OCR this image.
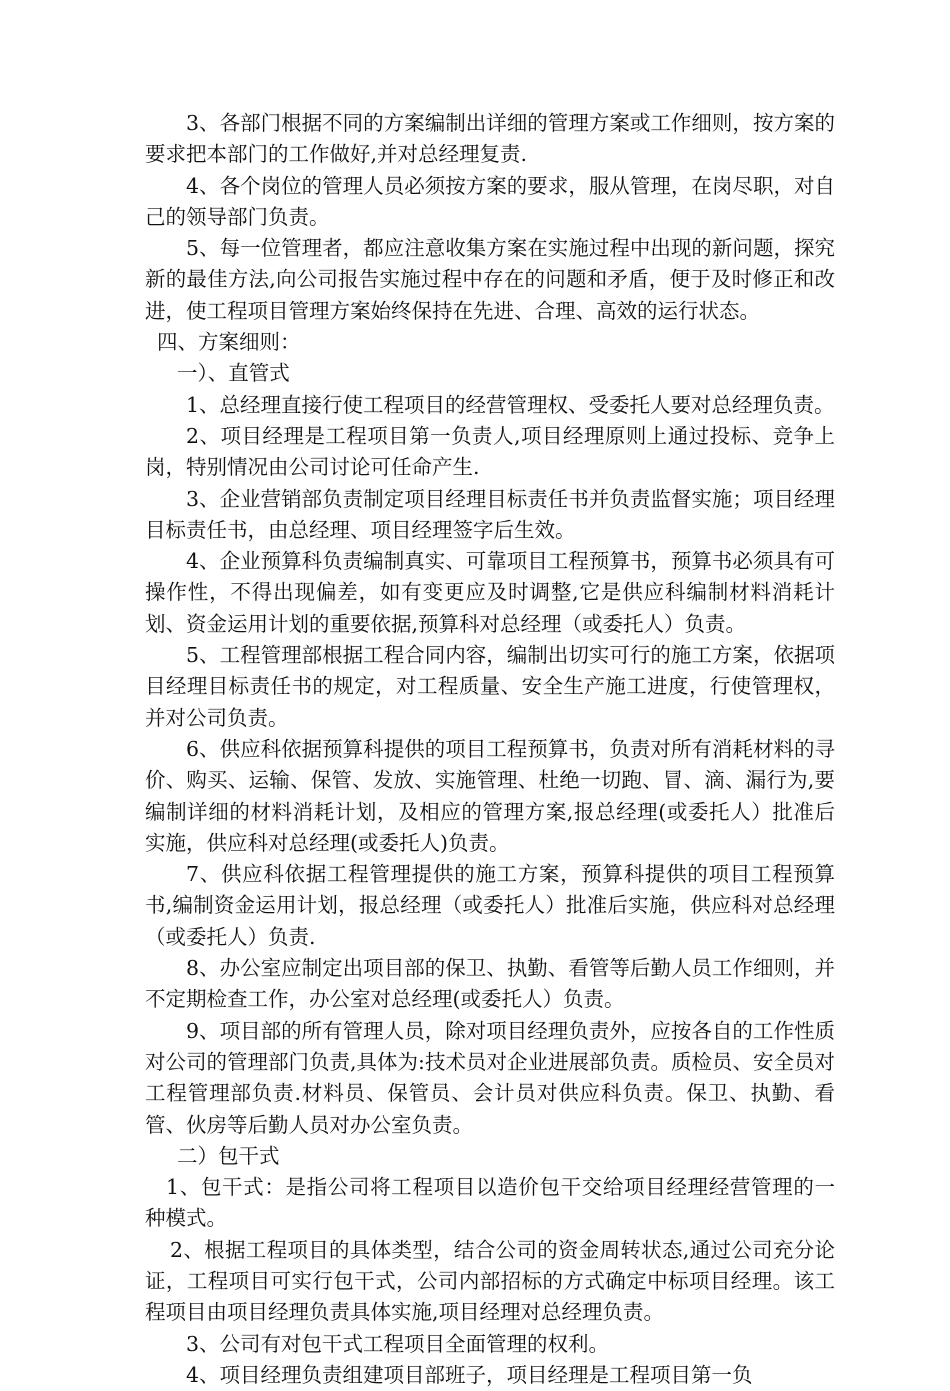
3、各部门根据不同的方案编制出详细的管理方案或工作细则，按方案的要求把本部门的工作做好,并对总经理复责.

4、各个岗位的管理人员必须按方案的要求，服从管理，在岗尽职，对自己的领导部门负责。

5、每一位管理者，都应注意收集方案在实施过程中出现的新问题，探究新的最佳方法,向公司报告实施过程中存在的问题和矛盾，便于及时修正和改进，使工程项目管理方案始终保持在先进、合理、高效的运行状态。

四、方案细则：

一）、直管式

1、总经理直接行使工程项目的经营管理权、受委托人要对总经理负责。

2、项目经理是工程项目第一负责人,项目经理原则上通过投标、竞争上岗，特别情况由公司讨论可任命产生.

3、企业营销部负责制定项目经理目标责任书并负责监督实施；项目经理目标责任书，由总经理、项目经理签字后生效。

4、企业预算科负责编制真实、可靠项目工程预算书，预算书必须具有可操作性，不得出现偏差，如有变更应及时调整,它是供应科编制材料消耗计划、资金运用计划的重要依据,预算科对总经理（或委托人）负责。

5、工程管理部根据工程合同内容，编制出切实可行的施工方案，依据项目经理目标责任书的规定，对工程质量、安全生产施工进度，行使管理权，并对公司负责。

6、供应科依据预算科提供的项目工程预算书，负责对所有消耗材料的寻价、购买、运输、保管、发放、实施管理、杜绝一切跑、冒、滴、漏行为,要编制详细的材料消耗计划，及相应的管理方案,报总经理(或委托人）批准后实施，供应科对总经理(或委托人)负责。

7、供应科依据工程管理提供的施工方案，预算科提供的项目工程预算书,编制资金运用计划，报总经理（或委托人）批准后实施，供应科对总经理（或委托人）负责.

8、办公室应制定出项目部的保卫、执勤、看管等后勤人员工作细则，并不定期检查工作，办公室对总经理(或委托人）负责。

9、项目部的所有管理人员，除对项目经理负责外，应按各自的工作性质对公司的管理部门负责,具体为:技术员对企业进展部负责。质检员、安全员对工程管理部负责.材料员、保管员、会计员对供应科负责。保卫、执勤、看管、伙房等后勤人员对办公室负责。

二）包干式

1、包干式：是指公司将工程项目以造价包干交给项目经理经营管理的一种模式。

2、根据工程项目的具体类型，结合公司的资金周转状态,通过公司充分论证，工程项目可实行包干式，公司内部招标的方式确定中标项目经理。该工程项目由项目经理负责具体实施,项目经理对总经理负责。

3、公司有对包干式工程项目全面管理的权利。

4、项目经理负责组建项目部班子，项目经理是工程项目第一负
